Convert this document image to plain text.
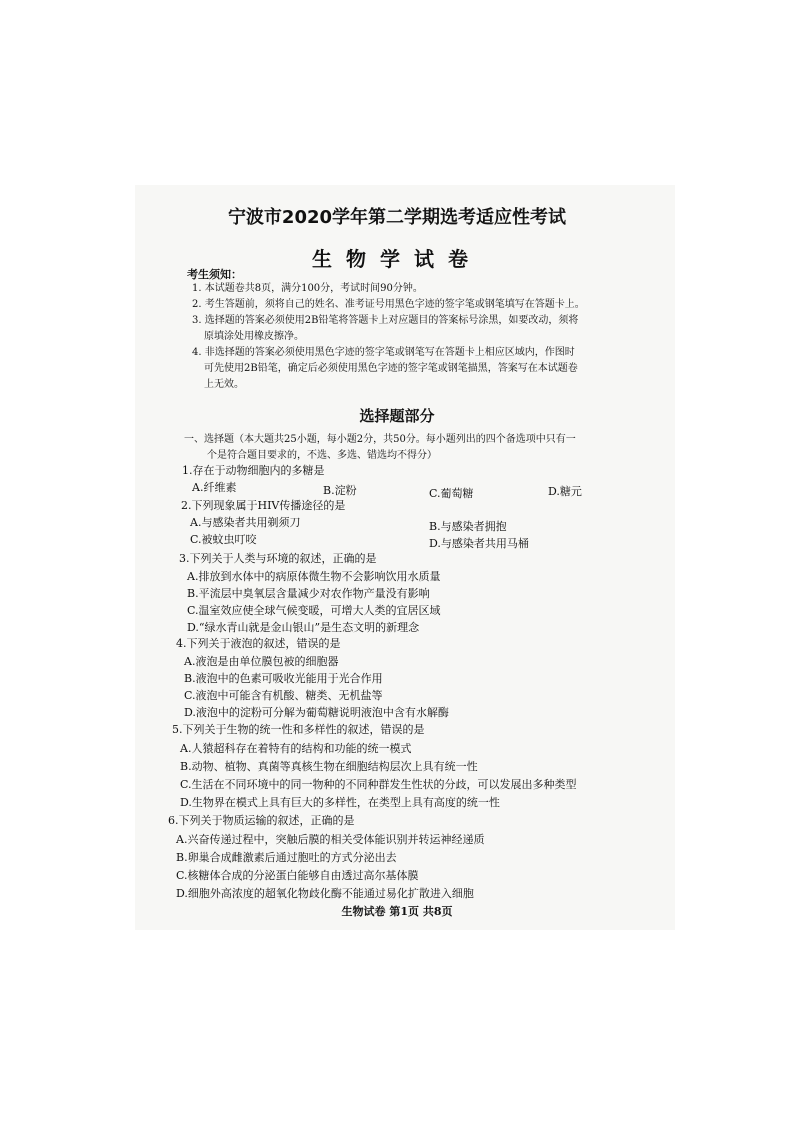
宁波市2020学年第二学期选考适应性考试
生物学试卷
考生须知：
1. 本试题卷共8页，满分100分，考试时间90分钟。
2. 考生答题前，须将自己的姓名、准考证号用黑色字迹的签字笔或钢笔填写在答题卡上。
3. 选择题的答案必须使用2B铅笔将答题卡上对应题目的答案标号涂黑，如要改动，须将
原填涂处用橡皮擦净。
4. 非选择题的答案必须使用黑色字迹的签字笔或钢笔写在答题卡上相应区域内，作图时
可先使用2B铅笔，确定后必须使用黑色字迹的签字笔或钢笔描黑，答案写在本试题卷
上无效。
选择题部分
一、选择题（本大题共25小题，每小题2分，共50分。每小题列出的四个备选项中只有一
个是符合题目要求的，不选、多选、错选均不得分）
1.存在于动物细胞内的多糖是
A.纤维素	B.淀粉	C.葡萄糖	D.糖元
2.下列现象属于HIV传播途径的是
A.与感染者共用剃须刀	B.与感染者拥抱
C.被蚊虫叮咬	D.与感染者共用马桶
3.下列关于人类与环境的叙述，正确的是
A.排放到水体中的病原体微生物不会影响饮用水质量
B.平流层中臭氧层含量减少对农作物产量没有影响
C.温室效应使全球气候变暖，可增大人类的宜居区域
D.“绿水青山就是金山银山”是生态文明的新理念
4.下列关于液泡的叙述，错误的是
A.液泡是由单位膜包被的细胞器
B.液泡中的色素可吸收光能用于光合作用
C.液泡中可能含有机酸、糖类、无机盐等
D.液泡中的淀粉可分解为葡萄糖说明液泡中含有水解酶
5.下列关于生物的统一性和多样性的叙述，错误的是
A.人猿超科存在着特有的结构和功能的统一模式
B.动物、植物、真菌等真核生物在细胞结构层次上具有统一性
C.生活在不同环境中的同一物种的不同种群发生性状的分歧，可以发展出多种类型
D.生物界在模式上具有巨大的多样性，在类型上具有高度的统一性
6.下列关于物质运输的叙述，正确的是
A.兴奋传递过程中，突触后膜的相关受体能识别并转运神经递质
B.卵巢合成雌激素后通过胞吐的方式分泌出去
C.核糖体合成的分泌蛋白能够自由透过高尔基体膜
D.细胞外高浓度的超氧化物歧化酶不能通过易化扩散进入细胞
生物试卷 第1页 共8页
